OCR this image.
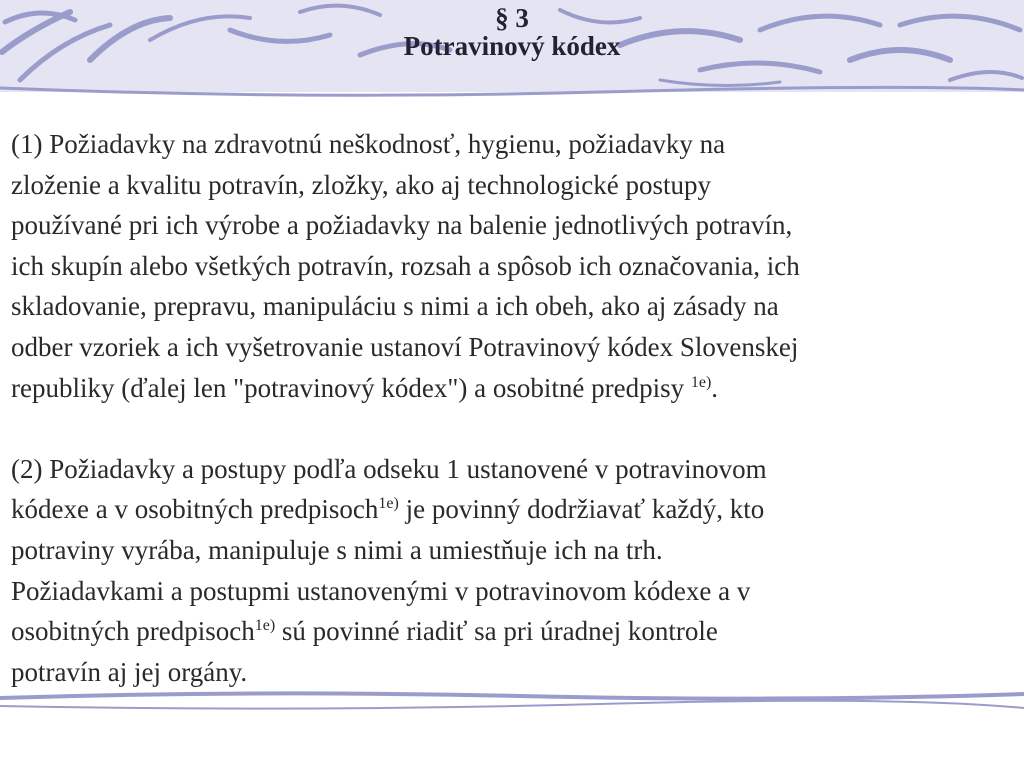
§ 3
Potravinový kódex
(1) Požiadavky na zdravotnú neškodnosť, hygienu, požiadavky na
zloženie a kvalitu potravín, zložky, ako aj technologické postupy
používané pri ich výrobe a požiadavky na balenie jednotlivých potravín,
ich skupín alebo všetkých potravín, rozsah a spôsob ich označovania, ich
skladovanie, prepravu, manipuláciu s nimi a ich obeh, ako aj zásady na
odber vzoriek a ich vyšetrovanie ustanoví Potravinový kódex Slovenskej
republiky (ďalej len "potravinový kódex") a osobitné predpisy $^{1e)}$.
(2) Požiadavky a postupy podľa odseku 1 ustanovené v potravinovom
kódexe a v osobitných predpisoch$^{1e)}$ je povinný dodržiavať každý, kto
potraviny vyrába, manipuluje s nimi a umiestňuje ich na trh.
Požiadavkami a postupmi ustanovenými v potravinovom kódexe a v
osobitných predpisoch$^{1e)}$ sú povinné riadiť sa pri úradnej kontrole
potravín aj jej orgány.
